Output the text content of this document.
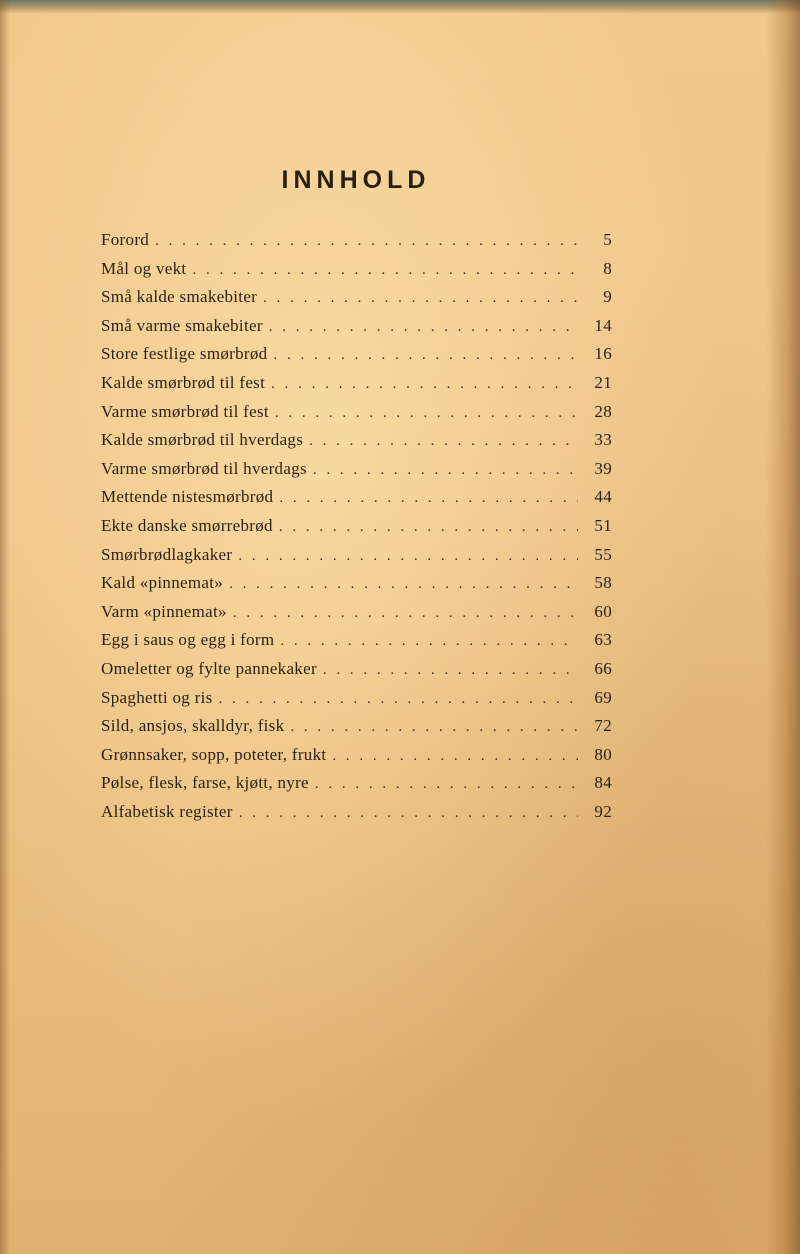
INNHOLD
Forord . . .	5
Mål og vekt . . .	8
Små kalde smakebiter . . .	9
Små varme smakebiter . . .	14
Store festlige smørbrød . . .	16
Kalde smørbrød til fest . . .	21
Varme smørbrød til fest . . .	28
Kalde smørbrød til hverdags . . .	33
Varme smørbrød til hverdags . . .	39
Mettende nistesmørbrød . . .	44
Ekte danske smørrebrød . . .	51
Smørbrødlagkaker . . .	55
Kald «pinnemat» . . .	58
Varm «pinnemat» . . .	60
Egg i saus og egg i form . . .	63
Omeletter og fylte pannekaker . . .	66
Spaghetti og ris . . .	69
Sild, ansjos, skalldyr, fisk . . .	72
Grønnsaker, sopp, poteter, frukt . . .	80
Pølse, flesk, farse, kjøtt, nyre . . .	84
Alfabetisk register . . .	92
